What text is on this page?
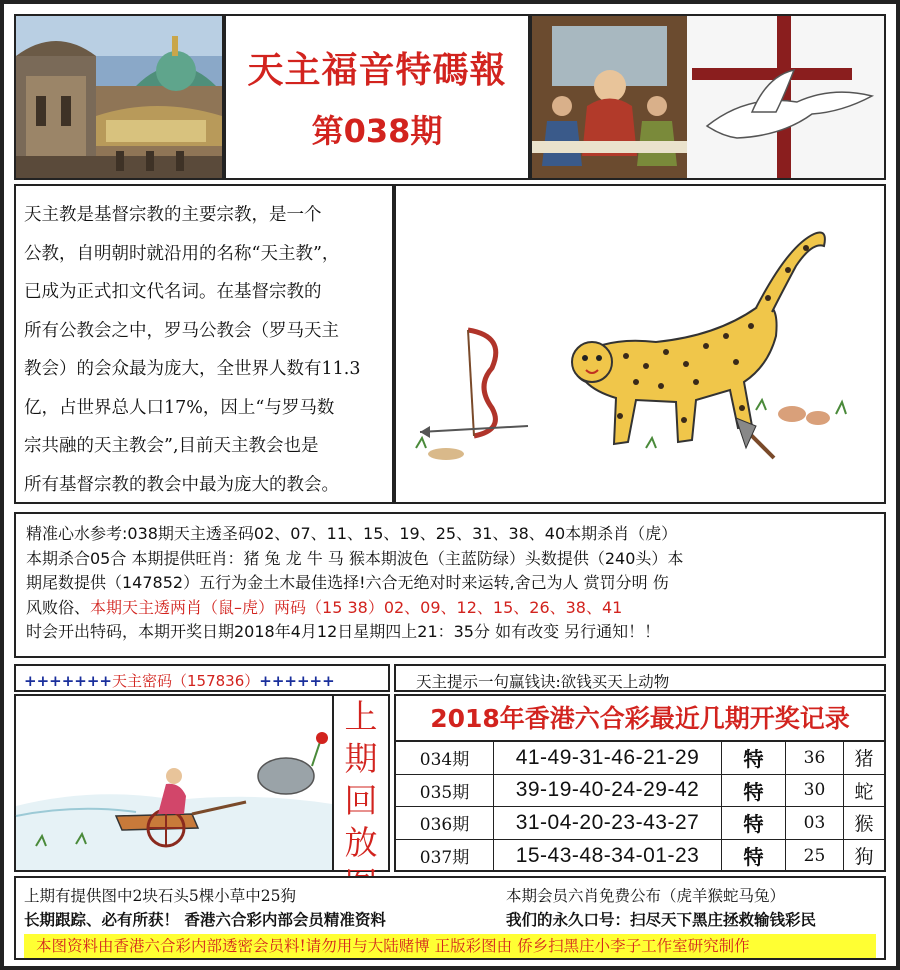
天主福音特碼報
第038期

天主教是基督宗教的主要宗教，是一个

公教，自明朝时就沿用的名称“天主教”，

已成为正式扣文代名词。在基督宗教的

所有公教会之中，罗马公教会（罗马天主

教会）的会众最为庞大，全世界人数有11.3

亿，占世界总人口17%，因上“与罗马数

宗共融的天主教会”,目前天主教会也是

所有基督宗教的教会中最为庞大的教会。

精准心水参考:038期天主透圣码02、07、11、15、19、25、31、38、40本期杀肖（虎）
本期杀合05合 本期提供旺肖：猪 兔 龙 牛 马 猴本期波色（主蓝防绿）头数提供（240头）本
期尾数提供（147852）五行为金土木最佳选择!六合无绝对时来运转,舍己为人 赏罚分明 伤
风败俗、本期天主透两肖（鼠–虎）两码（15 38）02、09、12、15、26、38、41
时会开出特码，本期开奖日期2018年4月12日星期四上21：35分 如有改变 另行通知！！
+++++++天主密码（157836）++++++	天主提示一句赢钱诀:欲钱买天上动物
上
期
回
放
2018年香港六合彩最近几期开奖记录
034期	41-49-31-46-21-29	特	36	猪
035期	39-19-40-24-29-42	特	30	蛇
036期	31-04-20-23-43-27	特	03	猴
037期	15-43-48-34-01-23	特	25	狗
上期有提供图中2块石头5棵小草中25狗	本期会员六肖免费公布（虎羊猴蛇马兔）
长期跟踪、必有所获！ 香港六合彩内部会员精准资料	我们的永久口号：扫尽天下黑庄拯救输钱彩民
本图资料由香港六合彩内部透密会员料!请勿用与大陆赌博 正版彩图由 侨乡扫黑庄小李子工作室研究制作
